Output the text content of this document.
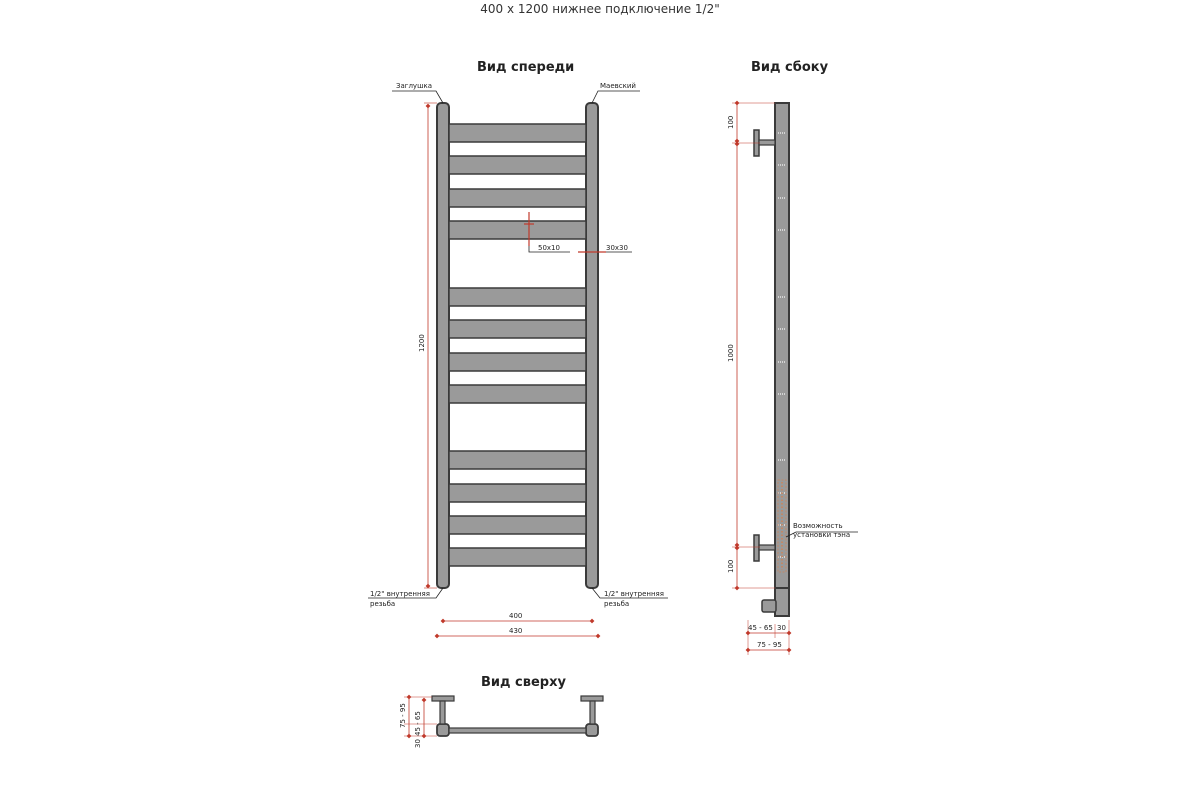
400 x 1200 нижнее подключение 1/2"
Вид спереди	Вид сбоку
Вид сверху
Заглушка	Маевский
1/2" внутренняя
резьба
1/2" внутренняя
резьба
1200
50x10	30x30
400
430
100
1000
100
Возможность
установки тэна
45 - 65 30
75 - 95
75 - 95 45 - 65
30
